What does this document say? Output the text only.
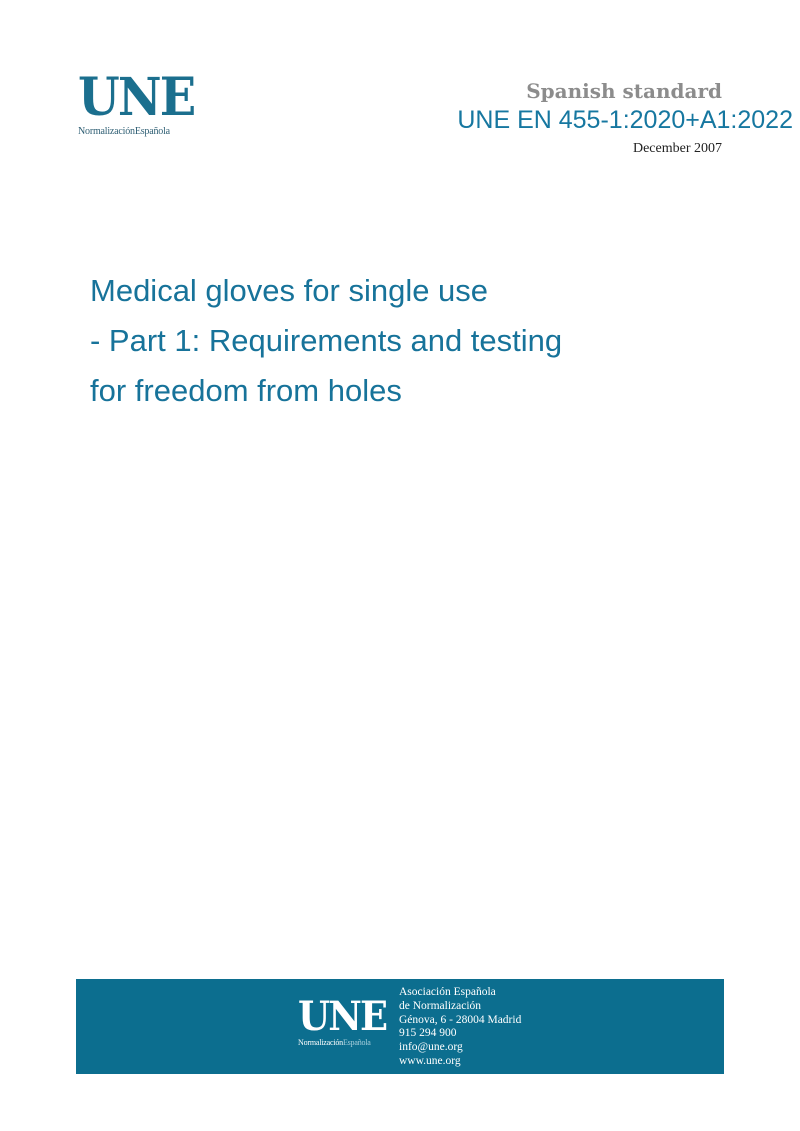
UNE
NormalizaciónEspañola
Spanish standard
UNE EN 455-1:2020+A1:2022
December 2007
Medical gloves for single use
- Part 1: Requirements and testing
for freedom from holes
UNE
NormalizaciónEspañola
Asociación Española
de Normalización
Génova, 6 - 28004 Madrid
915 294 900
info@une.org
www.une.org
